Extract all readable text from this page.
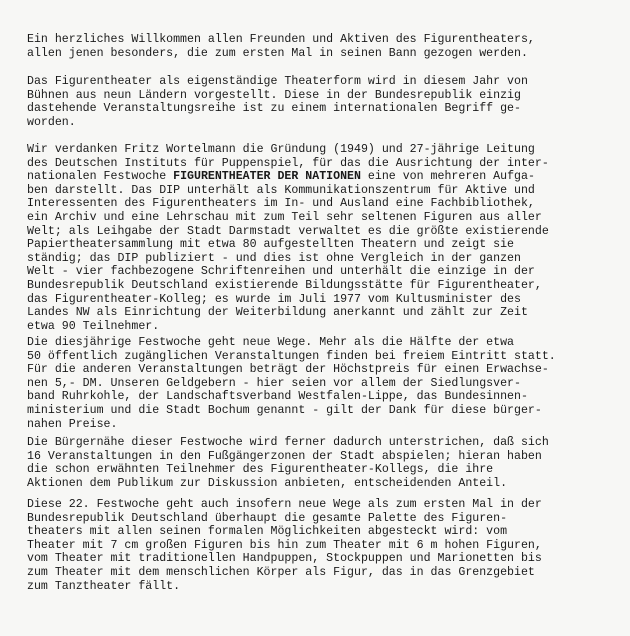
Ein herzliches Willkommen allen Freunden und Aktiven des Figurentheaters,
allen jenen besonders, die zum ersten Mal in seinen Bann gezogen werden.
Das Figurentheater als eigenständige Theaterform wird in diesem Jahr von
Bühnen aus neun Ländern vorgestellt. Diese in der Bundesrepublik einzig
dastehende Veranstaltungsreihe ist zu einem internationalen Begriff ge-
worden.
Wir verdanken Fritz Wortelmann die Gründung (1949) und 27-jährige Leitung
des Deutschen Instituts für Puppenspiel, für das die Ausrichtung der inter-
nationalen Festwoche FIGURENTHEATER DER NATIONEN eine von mehreren Aufga-
ben darstellt. Das DIP unterhält als Kommunikationszentrum für Aktive und
Interessenten des Figurentheaters im In- und Ausland eine Fachbibliothek,
ein Archiv und eine Lehrschau mit zum Teil sehr seltenen Figuren aus aller
Welt; als Leihgabe der Stadt Darmstadt verwaltet es die größte existierende
Papiertheatersammlung mit etwa 80 aufgestellten Theatern und zeigt sie
ständig; das DIP publiziert - und dies ist ohne Vergleich in der ganzen
Welt - vier fachbezogene Schriftenreihen und unterhält die einzige in der
Bundesrepublik Deutschland existierende Bildungsstätte für Figurentheater,
das Figurentheater-Kolleg; es wurde im Juli 1977 vom Kultusminister des
Landes NW als Einrichtung der Weiterbildung anerkannt und zählt zur Zeit
etwa 90 Teilnehmer.
Die diesjährige Festwoche geht neue Wege. Mehr als die Hälfte der etwa
50 öffentlich zugänglichen Veranstaltungen finden bei freiem Eintritt statt.
Für die anderen Veranstaltungen beträgt der Höchstpreis für einen Erwachse-
nen 5,- DM. Unseren Geldgebern - hier seien vor allem der Siedlungsver-
band Ruhrkohle, der Landschaftsverband Westfalen-Lippe, das Bundesinnen-
ministerium und die Stadt Bochum genannt - gilt der Dank für diese bürger-
nahen Preise.
Die Bürgernähe dieser Festwoche wird ferner dadurch unterstrichen, daß sich
16 Veranstaltungen in den Fußgängerzonen der Stadt abspielen; hieran haben
die schon erwähnten Teilnehmer des Figurentheater-Kollegs, die ihre
Aktionen dem Publikum zur Diskussion anbieten, entscheidenden Anteil.
Diese 22. Festwoche geht auch insofern neue Wege als zum ersten Mal in der
Bundesrepublik Deutschland überhaupt die gesamte Palette des Figuren-
theaters mit allen seinen formalen Möglichkeiten abgesteckt wird: vom
Theater mit 7 cm großen Figuren bis hin zum Theater mit 6 m hohen Figuren,
vom Theater mit traditionellen Handpuppen, Stockpuppen und Marionetten bis
zum Theater mit dem menschlichen Körper als Figur, das in das Grenzgebiet
zum Tanztheater fällt.
